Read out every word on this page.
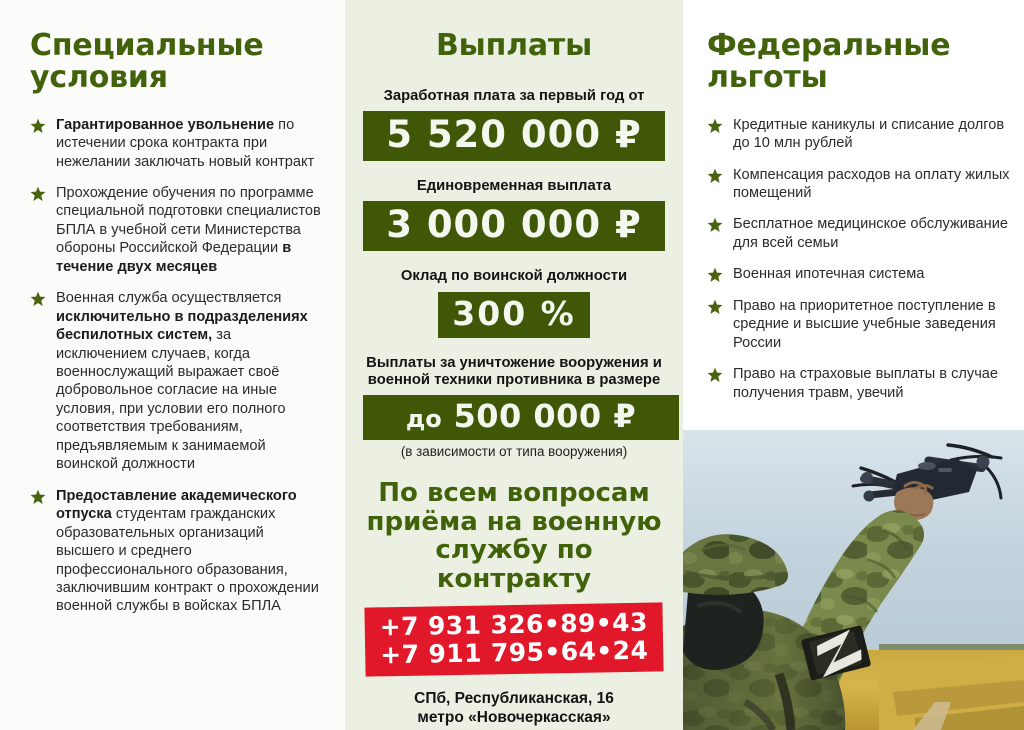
Специальные условия
Гарантированное увольнение по истечении срока контракта при нежелании заключать новый контракт
Прохождение обучения по программе специальной подготовки специалистов БПЛА в учебной сети Министерства обороны Российской Федерации в течение двух месяцев
Военная служба осуществляется исключительно в подразделениях беспилотных систем, за исключением случаев, когда военнослужащий выражает своё добровольное согласие на иные условия, при условии его полного соответствия требованиям, предъявляемым к занимаемой воинской должности
Предоставление академического отпуска студентам гражданских образовательных организаций высшего и среднего профессионального образования, заключившим контракт о прохождении военной службы в войсках БПЛА
Выплаты

Заработная плата за первый год от

5 520 000 ₽

Единовременная выплата

3 000 000 ₽

Оклад по воинской должности

300 %

Выплаты за уничтожение вооружения и военной техники противника в размере

до 500 000 ₽

(в зависимости от типа вооружения)

По всем вопросам приёма на военную службу по контракту
+7 931 326•89•43
+7 911 795•64•24

СПб, Республиканская, 16
метро «Новочеркасская»

Федеральные льготы
Кредитные каникулы и списание долгов до 10 млн рублей
Компенсация расходов на оплату жилых помещений
Бесплатное медицинское обслуживание для всей семьи
Военная ипотечная система
Право на приоритетное поступление в средние и высшие учебные заведения России
Право на страховые выплаты в случае получения травм, увечий
